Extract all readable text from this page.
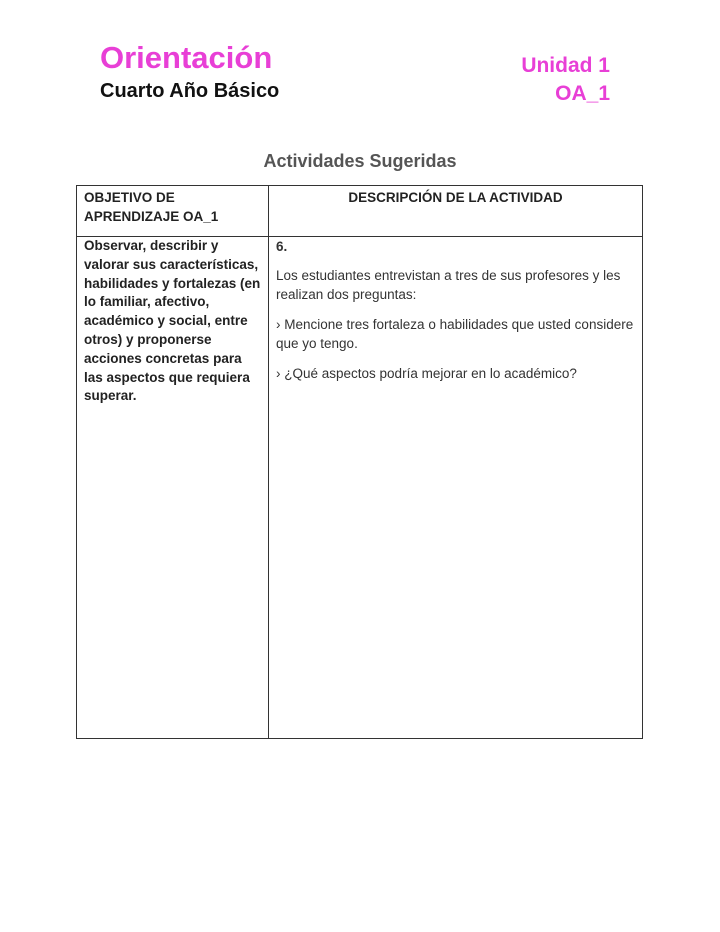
Orientación
Cuarto Año Básico
Unidad 1
OA_1
Actividades Sugeridas
OBJETIVO DE APRENDIZAJE OA_1
DESCRIPCIÓN DE LA ACTIVIDAD
Observar, describir y valorar sus características, habilidades y fortalezas (en lo familiar, afectivo, académico y social, entre otros) y proponerse acciones concretas para las aspectos que requiera superar.
6.

Los estudiantes entrevistan a tres de sus profesores y les realizan dos preguntas:

› Mencione tres fortaleza o habilidades que usted considere que yo tengo.

› ¿Qué aspectos podría mejorar en lo académico?
